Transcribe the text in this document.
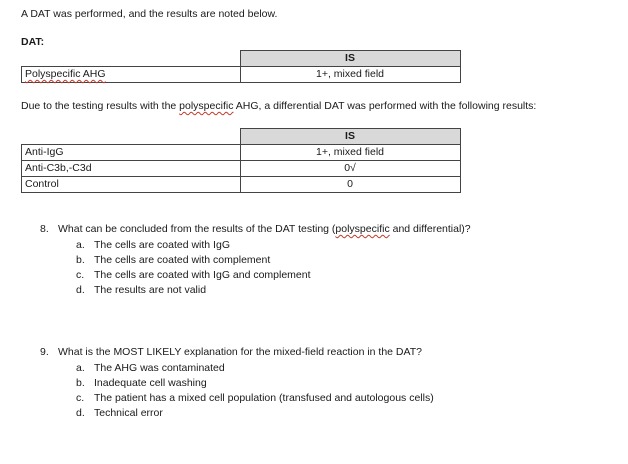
A DAT was performed, and the results are noted below.
DAT:
	IS
Polyspecific AHG	1+, mixed field
Due to the testing results with the polyspecific AHG, a differential DAT was performed with the following results:
	IS
Anti-IgG	1+, mixed field
Anti-C3b,-C3d	0√
Control	0
8. What can be concluded from the results of the DAT testing (polyspecific and differential)?
a. The cells are coated with IgG
b. The cells are coated with complement
c. The cells are coated with IgG and complement
d. The results are not valid
9. What is the MOST LIKELY explanation for the mixed-field reaction in the DAT?
a. The AHG was contaminated
b. Inadequate cell washing
c. The patient has a mixed cell population (transfused and autologous cells)
d. Technical error
